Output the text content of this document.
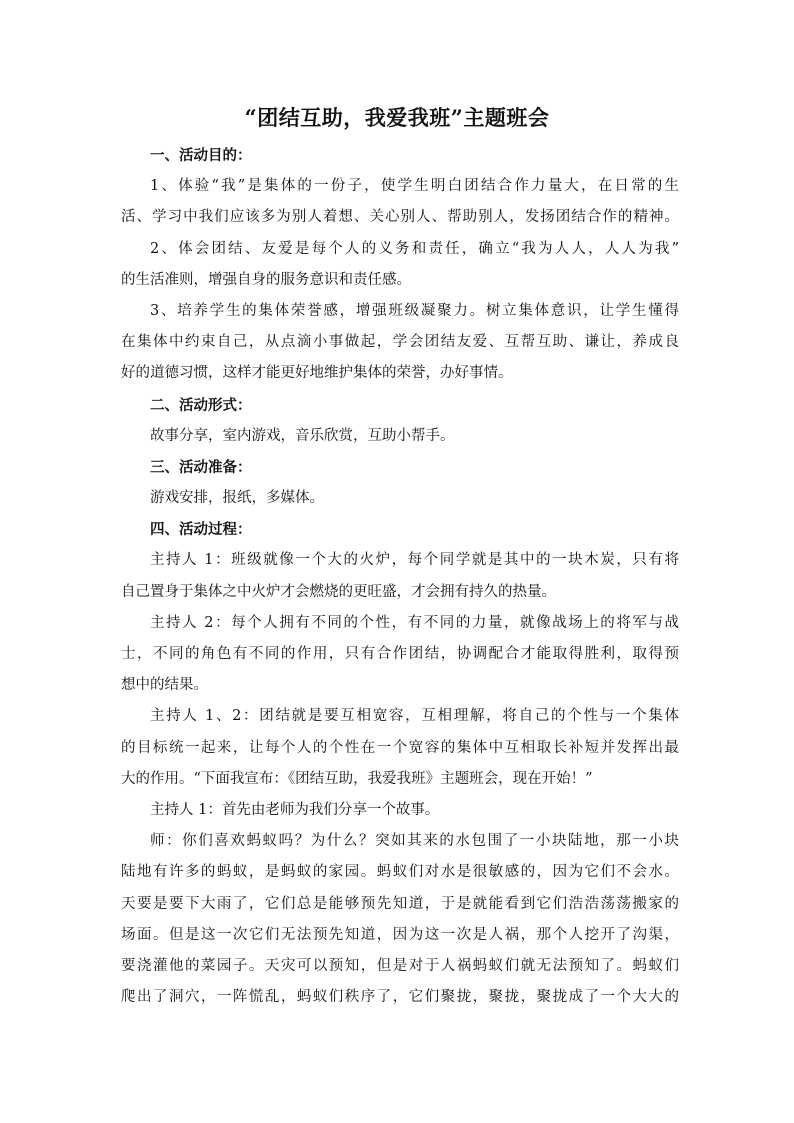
“团结互助，我爱我班”主题班会
一、活动目的：
1、体验“我”是集体的一份子，使学生明白团结合作力量大，在日常的生
活、学习中我们应该多为别人着想、关心别人、帮助别人，发扬团结合作的精神。
2、体会团结、友爱是每个人的义务和责任，确立“我为人人，人人为我”
的生活准则，增强自身的服务意识和责任感。
3、培养学生的集体荣誉感，增强班级凝聚力。树立集体意识，让学生懂得
在集体中约束自己，从点滴小事做起，学会团结友爱、互帮互助、谦让，养成良
好的道德习惯，这样才能更好地维护集体的荣誉，办好事情。
二、活动形式：
故事分享，室内游戏，音乐欣赏，互助小帮手。
三、活动准备：
游戏安排，报纸，多媒体。
四、活动过程：
主持人 1：班级就像一个大的火炉，每个同学就是其中的一块木炭，只有将
自己置身于集体之中火炉才会燃烧的更旺盛，才会拥有持久的热量。
主持人 2：每个人拥有不同的个性，有不同的力量，就像战场上的将军与战
士，不同的角色有不同的作用，只有合作团结，协调配合才能取得胜利，取得预
想中的结果。
主持人 1、2：团结就是要互相宽容，互相理解，将自己的个性与一个集体
的目标统一起来，让每个人的个性在一个宽容的集体中互相取长补短并发挥出最
大的作用。“下面我宣布：《团结互助，我爱我班》主题班会，现在开始！”
主持人 1：首先由老师为我们分享一个故事。
师：你们喜欢蚂蚁吗？为什么？突如其来的水包围了一小块陆地，那一小块
陆地有许多的蚂蚁，是蚂蚁的家园。蚂蚁们对水是很敏感的，因为它们不会水。
天要是要下大雨了，它们总是能够预先知道，于是就能看到它们浩浩荡荡搬家的
场面。但是这一次它们无法预先知道，因为这一次是人祸，那个人挖开了沟渠，
要浇灌他的菜园子。天灾可以预知，但是对于人祸蚂蚁们就无法预知了。蚂蚁们
爬出了洞穴，一阵慌乱，蚂蚁们秩序了，它们聚拢，聚拢，聚拢成了一个大大的
